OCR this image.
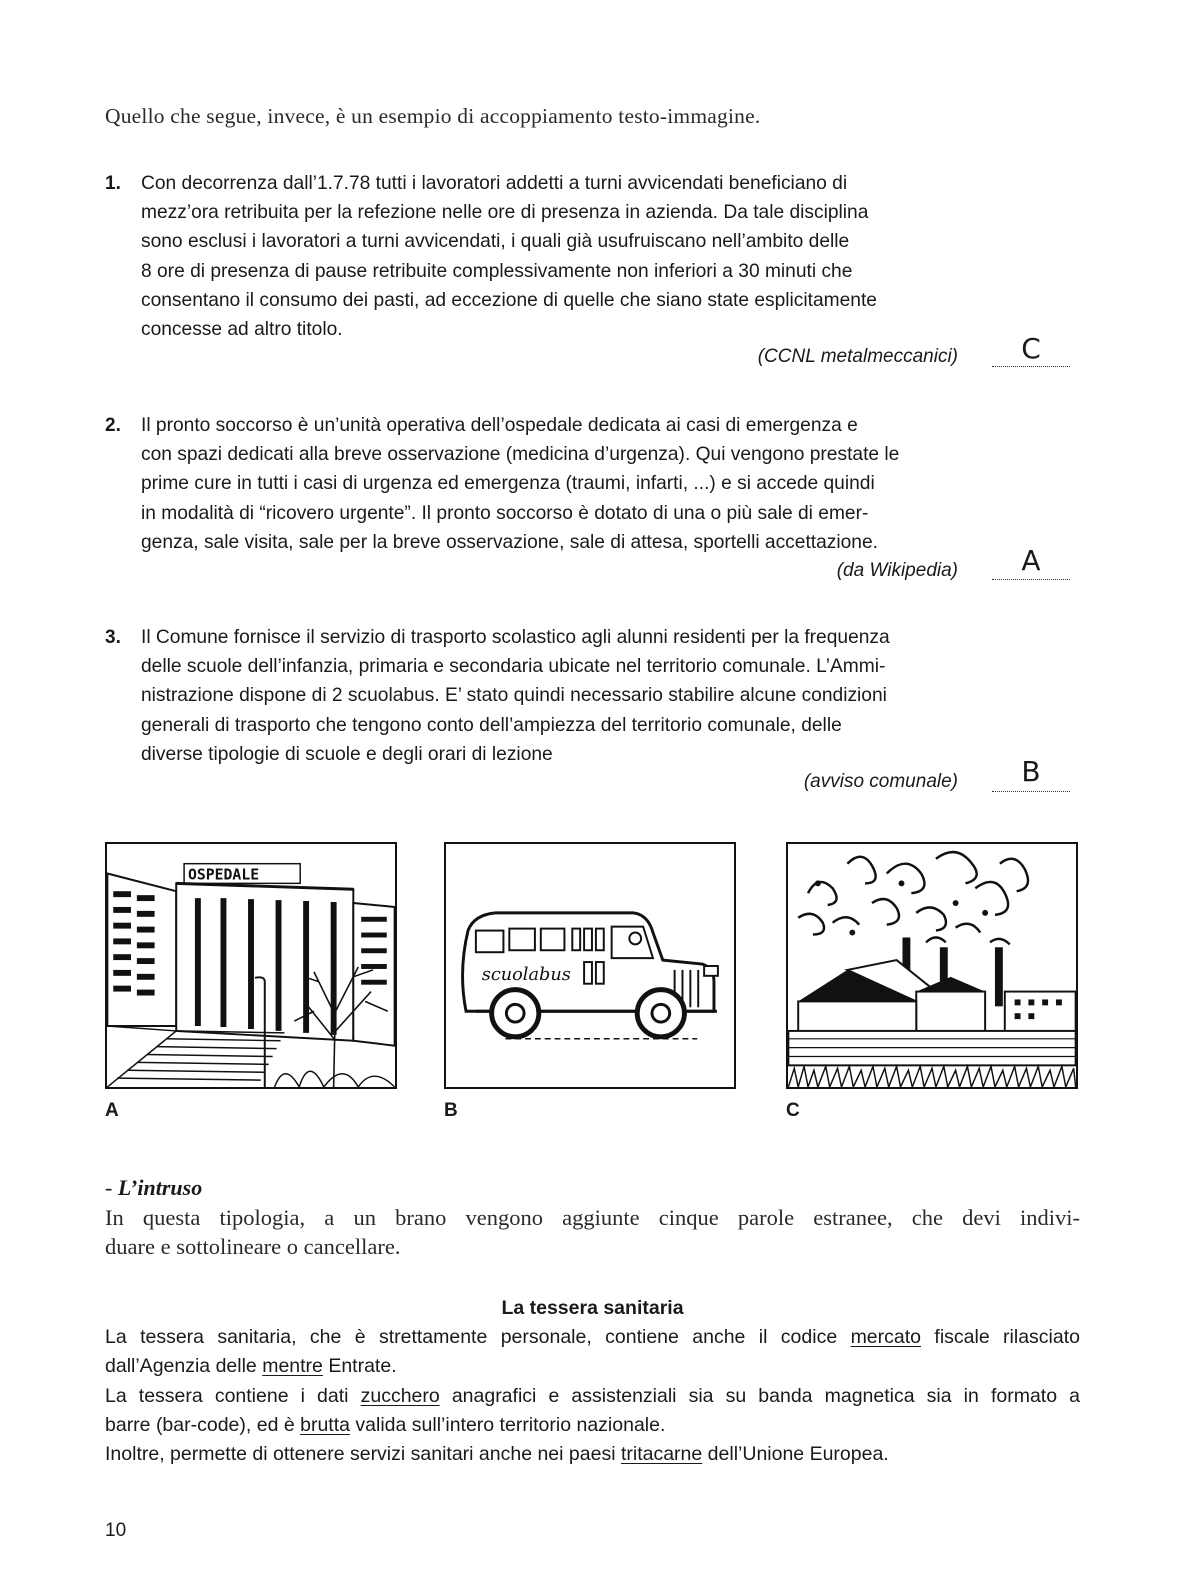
Quello che segue, invece, è un esempio di accoppiamento testo-immagine.
1. Con decorrenza dall’1.7.78 tutti i lavoratori addetti a turni avvicendati beneficiano di
mezz’ora retribuita per la refezione nelle ore di presenza in azienda. Da tale disciplina
sono esclusi i lavoratori a turni avvicendati, i quali già usufruiscano nell’ambito delle
8 ore di presenza di pause retribuite complessivamente non inferiori a 30 minuti che
consentano il consumo dei pasti, ad eccezione di quelle che siano state esplicitamente
concesse ad altro titolo.
(CCNL metalmeccanici)	C
2. Il pronto soccorso è un’unità operativa dell’ospedale dedicata ai casi di emergenza e
con spazi dedicati alla breve osservazione (medicina d’urgenza). Qui vengono prestate le
prime cure in tutti i casi di urgenza ed emergenza (traumi, infarti, ...) e si accede quindi
in modalità di “ricovero urgente”. Il pronto soccorso è dotato di una o più sale di emer-
genza, sale visita, sale per la breve osservazione, sale di attesa, sportelli accettazione.
(da Wikipedia)	A
3. Il Comune fornisce il servizio di trasporto scolastico agli alunni residenti per la frequenza
delle scuole dell’infanzia, primaria e secondaria ubicate nel territorio comunale. L’Ammi-
nistrazione dispone di 2 scuolabus. E’ stato quindi necessario stabilire alcune condizioni
generali di trasporto che tengono conto dell’ampiezza del territorio comunale, delle
diverse tipologie di scuole e degli orari di lezione
(avviso comunale)	B
OSPEDALE
A
scuolabus
B	C
- L’intruso
In questa tipologia, a un brano vengono aggiunte cinque parole estranee, che devi indivi-
duare e sottolineare o cancellare.
La tessera sanitaria
La tessera sanitaria, che è strettamente personale, contiene anche il codice mercato fiscale rilasciato
dall’Agenzia delle mentre Entrate.
La tessera contiene i dati zucchero anagrafici e assistenziali sia su banda magnetica sia in formato a
barre (bar-code), ed è brutta valida sull’intero territorio nazionale.
Inoltre, permette di ottenere servizi sanitari anche nei paesi tritacarne dell’Unione Europea.
10
